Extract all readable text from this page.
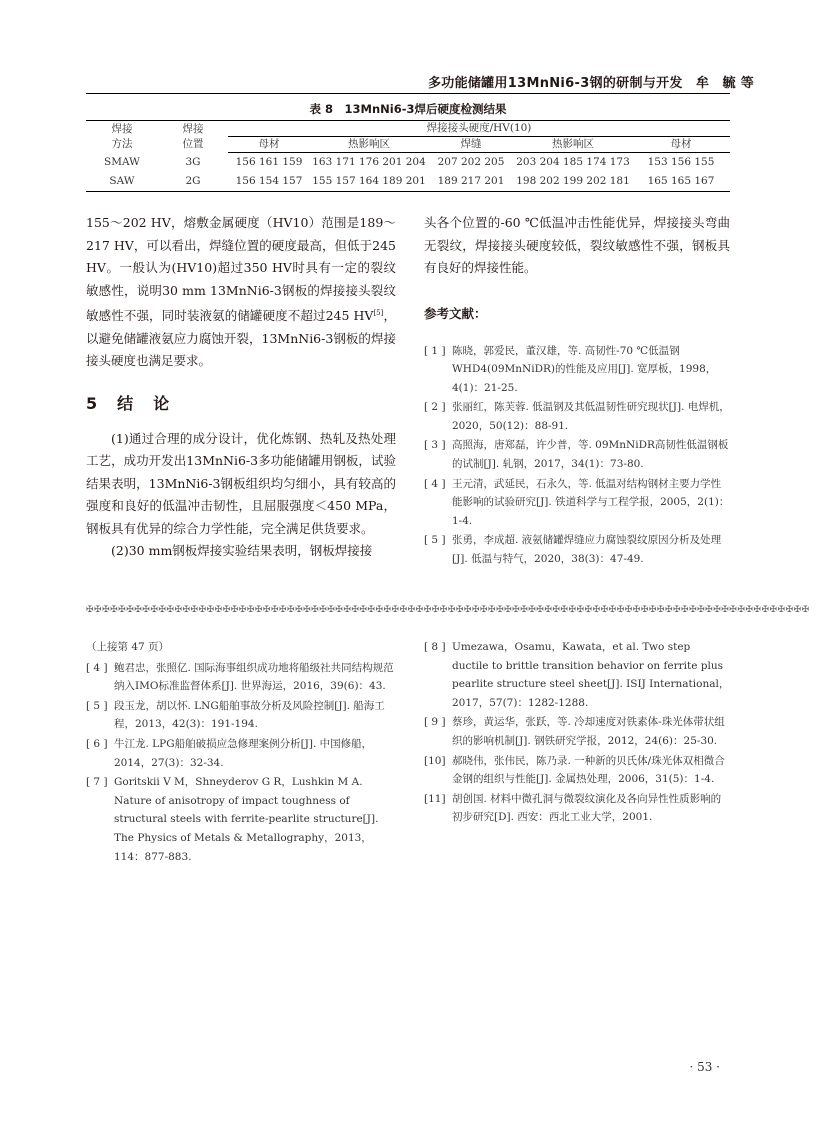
多功能储罐用13MnNi6-3钢的研制与开发　牟　毓 等
表 8　13MnNi6-3焊后硬度检测结果
焊接
方法	焊接
位置	焊接接头硬度/HV(10)				
		母材	热影响区	焊缝	热影响区	母材
SMAW	3G	156 161 159	163 171 176 201 204	207 202 205	203 204 185 174 173	153 156 155
SAW	2G	156 154 157	155 157 164 189 201	189 217 201	198 202 199 202 181	165 165 167

155～202 HV，熔敷金属硬度（HV10）范围是189～217 HV，可以看出，焊缝位置的硬度最高，但低于245 HV。一般认为(HV10)超过350 HV时具有一定的裂纹敏感性，说明30 mm 13MnNi6-3钢板的焊接接头裂纹敏感性不强，同时装液氨的储罐硬度不超过245 HV[5]，以避免储罐液氨应力腐蚀开裂，13MnNi6-3钢板的焊接接头硬度也满足要求。

5　结　论

(1)通过合理的成分设计，优化炼钢、热轧及热处理工艺，成功开发出13MnNi6-3多功能储罐用钢板，试验结果表明，13MnNi6-3钢板组织均匀细小，具有较高的强度和良好的低温冲击韧性，且屈服强度＜450 MPa，钢板具有优异的综合力学性能，完全满足供货要求。

(2)30 mm钢板焊接实验结果表明，钢板焊接接

头各个位置的-60 ℃低温冲击性能优异，焊接接头弯曲无裂纹，焊接接头硬度较低，裂纹敏感性不强，钢板具有良好的焊接性能。

参考文献：
[ 1 ] 陈晓，郭爱民，董汉雄，等. 高韧性-70 ℃低温钢WHD4(09MnNiDR)的性能及应用[J]. 宽厚板，1998，4(1)：21-25.
[ 2 ] 张丽红，陈芙蓉. 低温钢及其低温韧性研究现状[J]. 电焊机，2020，50(12)：88-91.
[ 3 ] 高照海，唐郑磊，许少普，等. 09MnNiDR高韧性低温钢板的试制[J]. 轧钢，2017，34(1)：73-80.
[ 4 ] 王元清，武延民，石永久，等. 低温对结构钢材主要力学性能影响的试验研究[J]. 铁道科学与工程学报，2005，2(1)：1-4.
[ 5 ] 张勇，李成超. 液氨储罐焊缝应力腐蚀裂纹原因分析及处理[J]. 低温与特气，2020，38(3)：47-49.
✠✠✠✠✠✠✠✠✠✠✠✠✠✠✠✠✠✠✠✠✠✠✠✠✠✠✠✠✠✠✠✠✠✠✠✠✠✠✠✠✠✠✠✠✠✠✠✠✠✠✠✠✠✠✠✠✠✠✠✠✠✠✠✠✠✠✠✠✠✠✠✠✠✠✠✠✠✠✠✠✠✠✠✠✠✠✠✠✠✠
（上接第 47 页）
[ 4 ] 鲍君忠，张照亿. 国际海事组织成功地将船级社共同结构规范纳入IMO标准监督体系[J]. 世界海运，2016，39(6)：43.
[ 5 ] 段玉龙，胡以怀. LNG船舶事故分析及风险控制[J]. 船海工程，2013，42(3)：191-194.
[ 6 ] 牛江龙. LPG船舶破损应急修理案例分析[J]. 中国修船，2014，27(3)：32-34.
[ 7 ] Goritskii V M，Shneyderov G R，Lushkin M A. Nature of anisotropy of impact toughness of structural steels with ferrite-pearlite structure[J]. The Physics of Metals & Metallography，2013，114：877-883.
[ 8 ] Umezawa，Osamu，Kawata，et al. Two step ductile to brittle transition behavior on ferrite plus pearlite structure steel sheet[J]. ISIJ International，2017，57(7)：1282-1288.
[ 9 ] 蔡珍，黄运华，张跃，等. 冷却速度对铁素体-珠光体带状组织的影响机制[J]. 钢铁研究学报，2012，24(6)：25-30.
[10] 郝晓伟，张伟民，陈乃录. 一种新的贝氏体/珠光体双相微合金钢的组织与性能[J]. 金属热处理，2006，31(5)：1-4.
[11] 胡创国. 材料中微孔洞与微裂纹演化及各向异性性质影响的初步研究[D]. 西安：西北工业大学，2001.
· 53 ·
